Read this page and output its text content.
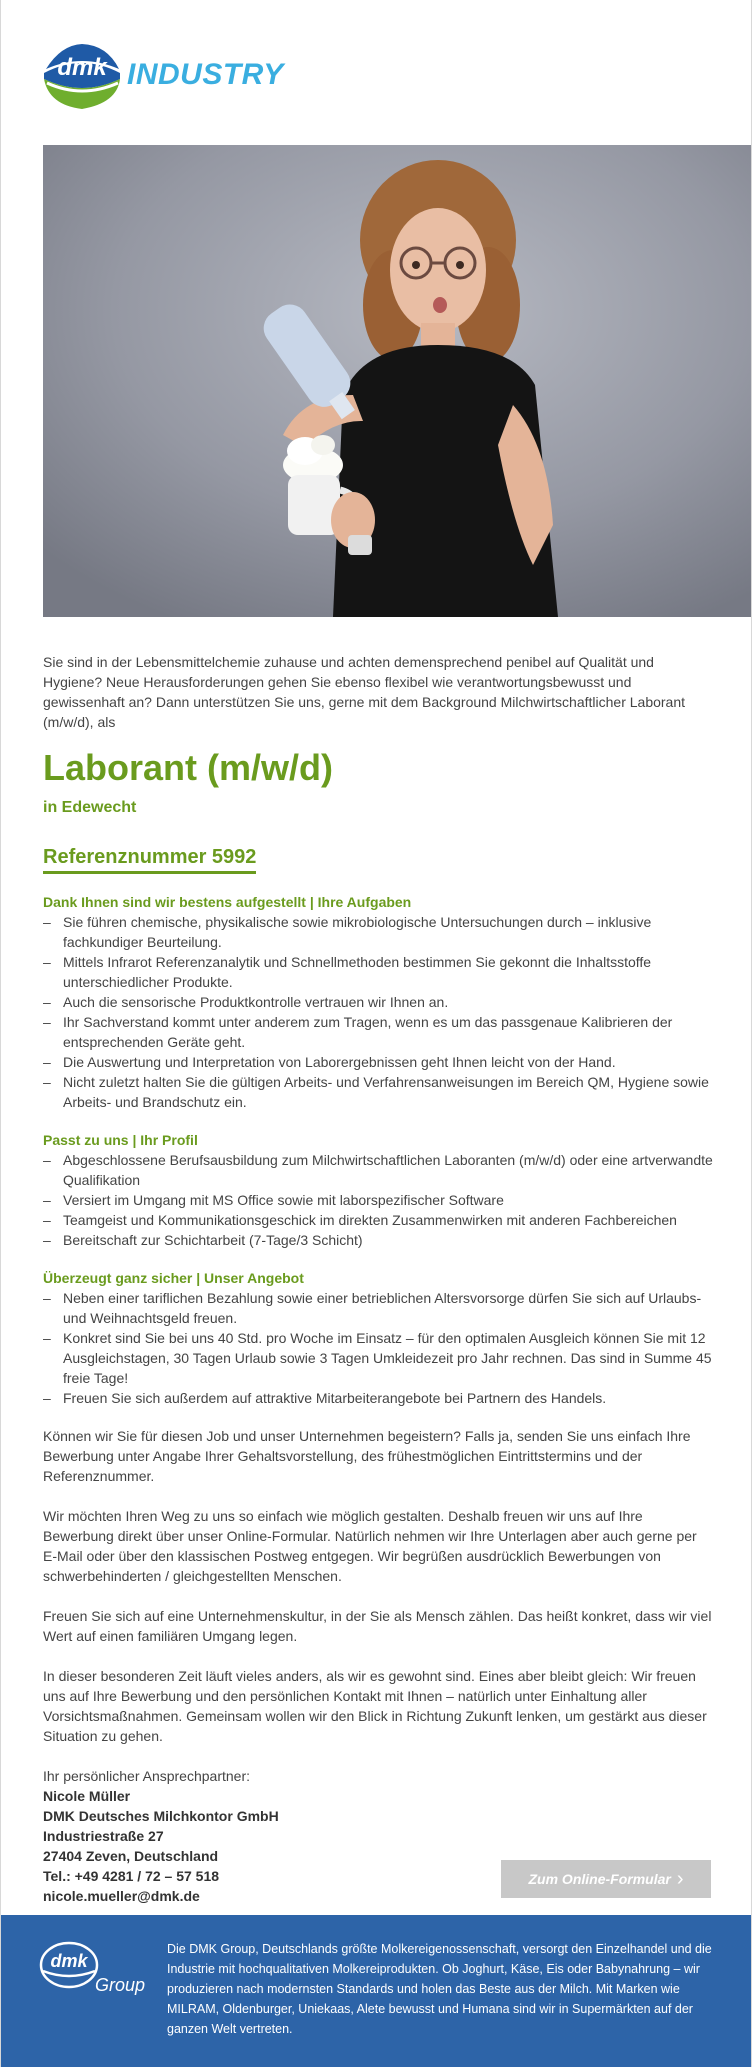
dmk INDUSTRY

Sie sind in der Lebensmittelchemie zuhause und achten demensprechend penibel auf Qualität und Hygiene? Neue Herausforderungen gehen Sie ebenso flexibel wie verantwortungsbewusst und gewissenhaft an? Dann unterstützen Sie uns, gerne mit dem Background Milchwirtschaftlicher Laborant (m/w/d), als

Laborant (m/w/d)
in Edewecht
Referenznummer 5992
Dank Ihnen sind wir bestens aufgestellt | Ihre Aufgaben
– Sie führen chemische, physikalische sowie mikrobiologische Untersuchungen durch – inklusive fachkundiger Beurteilung.
– Mittels Infrarot Referenzanalytik und Schnellmethoden bestimmen Sie gekonnt die Inhaltsstoffe unterschiedlicher Produkte.
– Auch die sensorische Produktkontrolle vertrauen wir Ihnen an.
– Ihr Sachverstand kommt unter anderem zum Tragen, wenn es um das passgenaue Kalibrieren der entsprechenden Geräte geht.
– Die Auswertung und Interpretation von Laborergebnissen geht Ihnen leicht von der Hand.
– Nicht zuletzt halten Sie die gültigen Arbeits- und Verfahrensanweisungen im Bereich QM, Hygiene sowie Arbeits- und Brandschutz ein.
Passt zu uns | Ihr Profil
– Abgeschlossene Berufsausbildung zum Milchwirtschaftlichen Laboranten (m/w/d) oder eine artverwandte Qualifikation
– Versiert im Umgang mit MS Office sowie mit laborspezifischer Software
– Teamgeist und Kommunikationsgeschick im direkten Zusammenwirken mit anderen Fachbereichen
– Bereitschaft zur Schichtarbeit (7-Tage/3 Schicht)
Überzeugt ganz sicher | Unser Angebot
– Neben einer tariflichen Bezahlung sowie einer betrieblichen Altersvorsorge dürfen Sie sich auf Urlaubs- und Weihnachtsgeld freuen.
– Konkret sind Sie bei uns 40 Std. pro Woche im Einsatz – für den optimalen Ausgleich können Sie mit 12 Ausgleichstagen, 30 Tagen Urlaub sowie 3 Tagen Umkleidezeit pro Jahr rechnen. Das sind in Summe 45 freie Tage!
– Freuen Sie sich außerdem auf attraktive Mitarbeiterangebote bei Partnern des Handels.

Können wir Sie für diesen Job und unser Unternehmen begeistern? Falls ja, senden Sie uns einfach Ihre Bewerbung unter Angabe Ihrer Gehaltsvorstellung, des frühestmöglichen Eintrittstermins und der Referenznummer.

Wir möchten Ihren Weg zu uns so einfach wie möglich gestalten. Deshalb freuen wir uns auf Ihre Bewerbung direkt über unser Online-Formular. Natürlich nehmen wir Ihre Unterlagen aber auch gerne per E-Mail oder über den klassischen Postweg entgegen. Wir begrüßen ausdrücklich Bewerbungen von schwerbehinderten / gleichgestellten Menschen.

Freuen Sie sich auf eine Unternehmenskultur, in der Sie als Mensch zählen. Das heißt konkret, dass wir viel Wert auf einen familiären Umgang legen.

In dieser besonderen Zeit läuft vieles anders, als wir es gewohnt sind. Eines aber bleibt gleich: Wir freuen uns auf Ihre Bewerbung und den persönlichen Kontakt mit Ihnen – natürlich unter Einhaltung aller Vorsichtsmaßnahmen. Gemeinsam wollen wir den Blick in Richtung Zukunft lenken, um gestärkt aus dieser Situation zu gehen.

Ihr persönlicher Ansprechpartner:
Nicole Müller
DMK Deutsches Milchkontor GmbH
Industriestraße 27
27404 Zeven, Deutschland
Tel.: +49 4281 / 72 – 57 518
nicole.mueller@dmk.de
Zum Online-Formular ›
dmk
Group

Die DMK Group, Deutschlands größte Molkereigenossenschaft, versorgt den Einzelhandel und die Industrie mit hochqualitativen Molkereiprodukten. Ob Joghurt, Käse, Eis oder Babynahrung – wir produzieren nach modernsten Standards und holen das Beste aus der Milch. Mit Marken wie MILRAM, Oldenburger, Uniekaas, Alete bewusst und Humana sind wir in Supermärkten auf der ganzen Welt vertreten.
